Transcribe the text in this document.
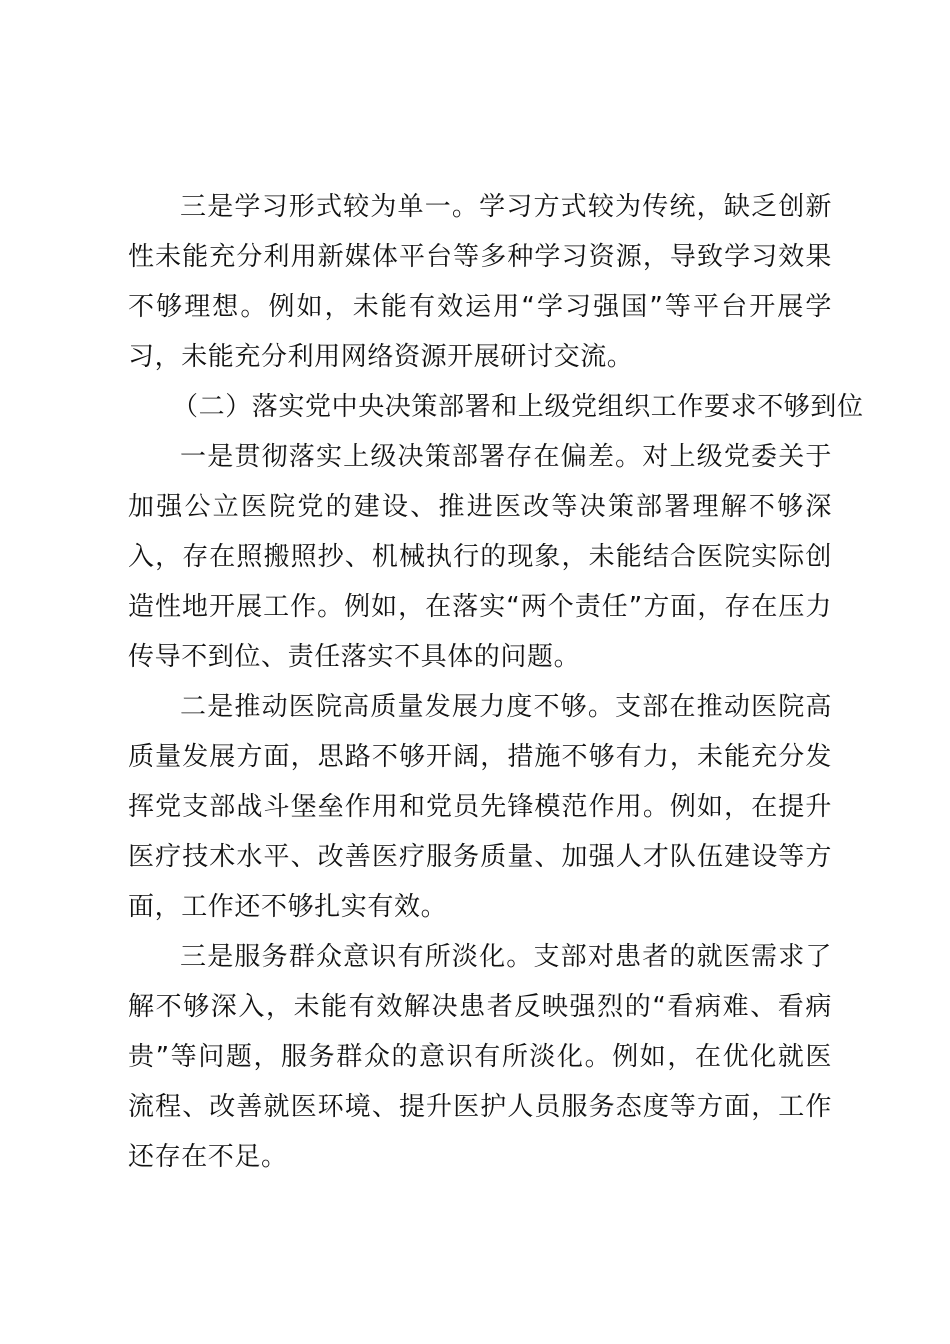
三是学习形式较为单一。学习方式较为传统，缺乏创新性未能充分利用新媒体平台等多种学习资源，导致学习效果不够理想。例如，未能有效运用“学习强国”等平台开展学习，未能充分利用网络资源开展研讨交流。

（二）落实党中央决策部署和上级党组织工作要求不够到位

一是贯彻落实上级决策部署存在偏差。对上级党委关于加强公立医院党的建设、推进医改等决策部署理解不够深入，存在照搬照抄、机械执行的现象，未能结合医院实际创造性地开展工作。例如，在落实“两个责任”方面，存在压力传导不到位、责任落实不具体的问题。

二是推动医院高质量发展力度不够。支部在推动医院高质量发展方面，思路不够开阔，措施不够有力，未能充分发挥党支部战斗堡垒作用和党员先锋模范作用。例如，在提升医疗技术水平、改善医疗服务质量、加强人才队伍建设等方面，工作还不够扎实有效。

三是服务群众意识有所淡化。支部对患者的就医需求了解不够深入，未能有效解决患者反映强烈的“看病难、看病贵”等问题，服务群众的意识有所淡化。例如，在优化就医流程、改善就医环境、提升医护人员服务态度等方面，工作还存在不足。
